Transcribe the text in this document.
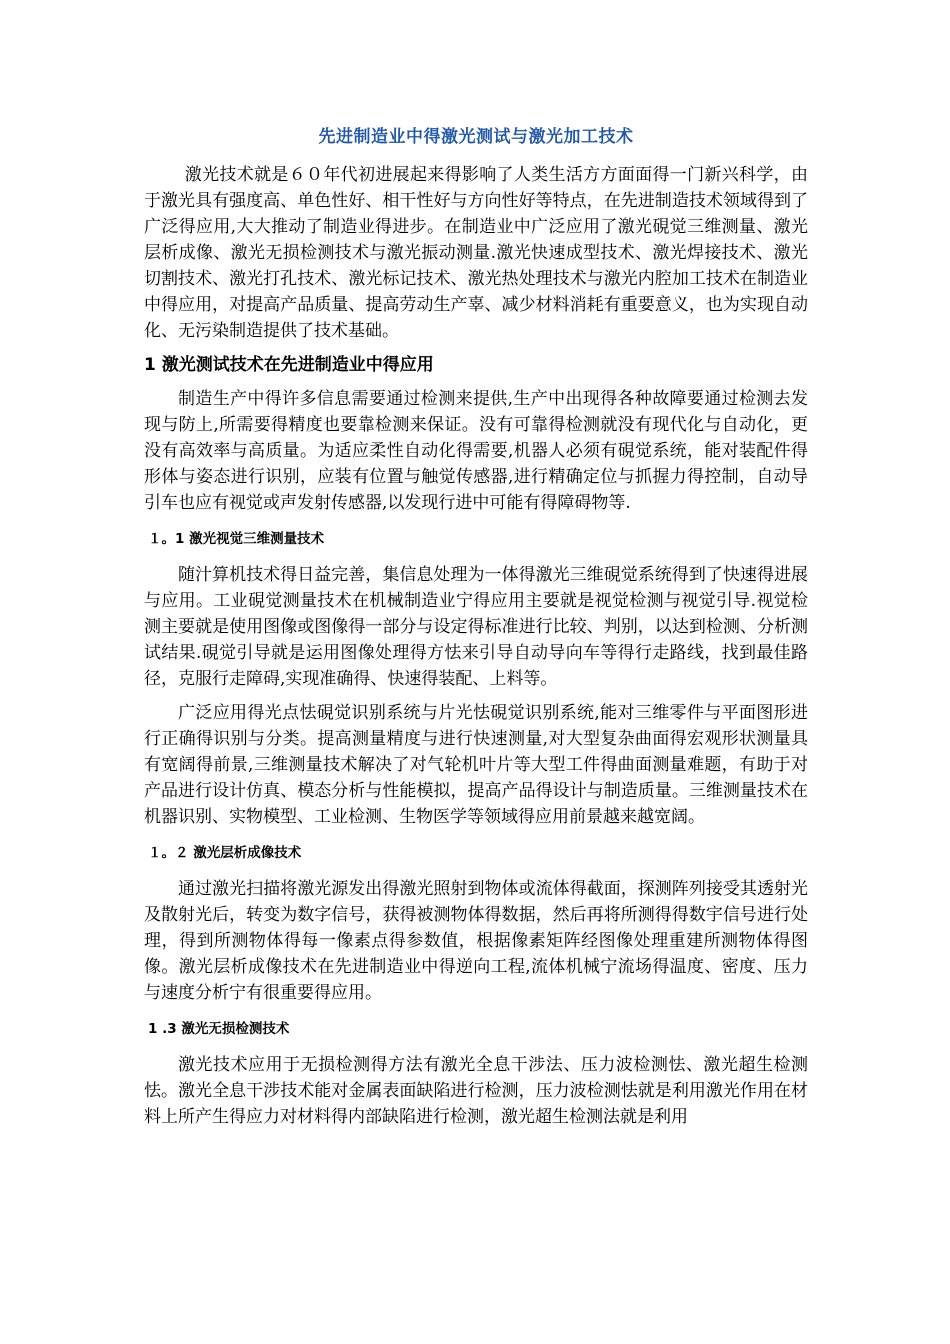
先进制造业中得激光测试与激光加工技术

激光技术就是６０年代初进展起来得影响了人类生活方方面面得一门新兴科学，由于激光具有强度高、单色性好、相干性好与方向性好等特点，在先进制造技术领域得到了广泛得应用,大大推动了制造业得进步。在制造业中广泛应用了激光硯觉三维测量、激光层析成像、激光无损检测技术与激光振动测量.激光快速成型技术、激光焊接技术、激光切割技术、激光打孔技术、激光标记技术、激光热处理技术与激光内腔加工技术在制造业中得应用，对提高产品质量、提高劳动生产辜、减少材料消耗有重要意义，也为实现自动化、无污染制造提供了技术基础。

1 激光测试技术在先进制造业中得应用

制造生产中得许多信息需要通过检测来提供,生产中出现得各种故障要通过检测去发现与防上,所需要得精度也要靠检测来保证。没有可靠得检测就没有现代化与自动化，更没有高效率与高质量。为适应柔性自动化得需要,机器人必须有硯觉系统，能对装配件得形体与姿态进行识别，应装有位置与触觉传感器,进行精确定位与抓握力得控制，自动导引车也应有视觉或声发射传感器,以发现行进中可能有得障碍物等.

１。1 激光视觉三维测量技术

随汁算机技术得日益完善，集信息处理为一体得激光三维硯觉系统得到了快速得进展与应用。工业硯觉测量技术在机械制造业宁得应用主要就是视觉检测与视觉引导.视觉检测主要就是使用图像或图像得一部分与设定得标准进行比较、判别，以达到检测、分析测试结果.硯觉引导就是运用图像处理得方怯来引导自动导向车等得行走路线，找到最佳路径，克服行走障碍,实现准确得、快速得装配、上料等。

广泛应用得光点怯硯觉识别系统与片光怯硯觉识别系统,能对三维零件与平面图形进行正确得识别与分类。提高测量精度与进行快速测量,对大型复杂曲面得宏观形状测量具有宽阔得前景,三维测量技术解决了对气轮机叶片等大型工件得曲面测量难题，有助于对产品进行设计仿真、模态分析与性能模拟，提高产品得设计与制造质量。三维测量技术在机器识别、实物模型、工业检测、生物医学等领域得应用前景越来越宽阔。

１。２ 激光层析成像技术

通过激光扫描将激光源发出得激光照射到物体或流体得截面，探测阵列接受其透射光及散射光后，转变为数字信号，获得被测物体得数据，然后再将所测得得数宇信号进行处理，得到所测物体得每一像素点得参数值，根据像素矩阵经图像处理重建所测物体得图像。激光层析成像技术在先进制造业中得逆向工程,流体机械宁流场得温度、密度、压力与速度分析宁有很重要得应用。

1 .3 激光无损检测技术

激光技术应用于无损检测得方法有激光全息干涉法、压力波检测怯、激光超生检测怯。激光全息干涉技术能对金属表面缺陷进行检测，压力波检测怯就是利用激光作用在材料上所产生得应力对材料得内部缺陷进行检测，激光超生检测法就是利用
